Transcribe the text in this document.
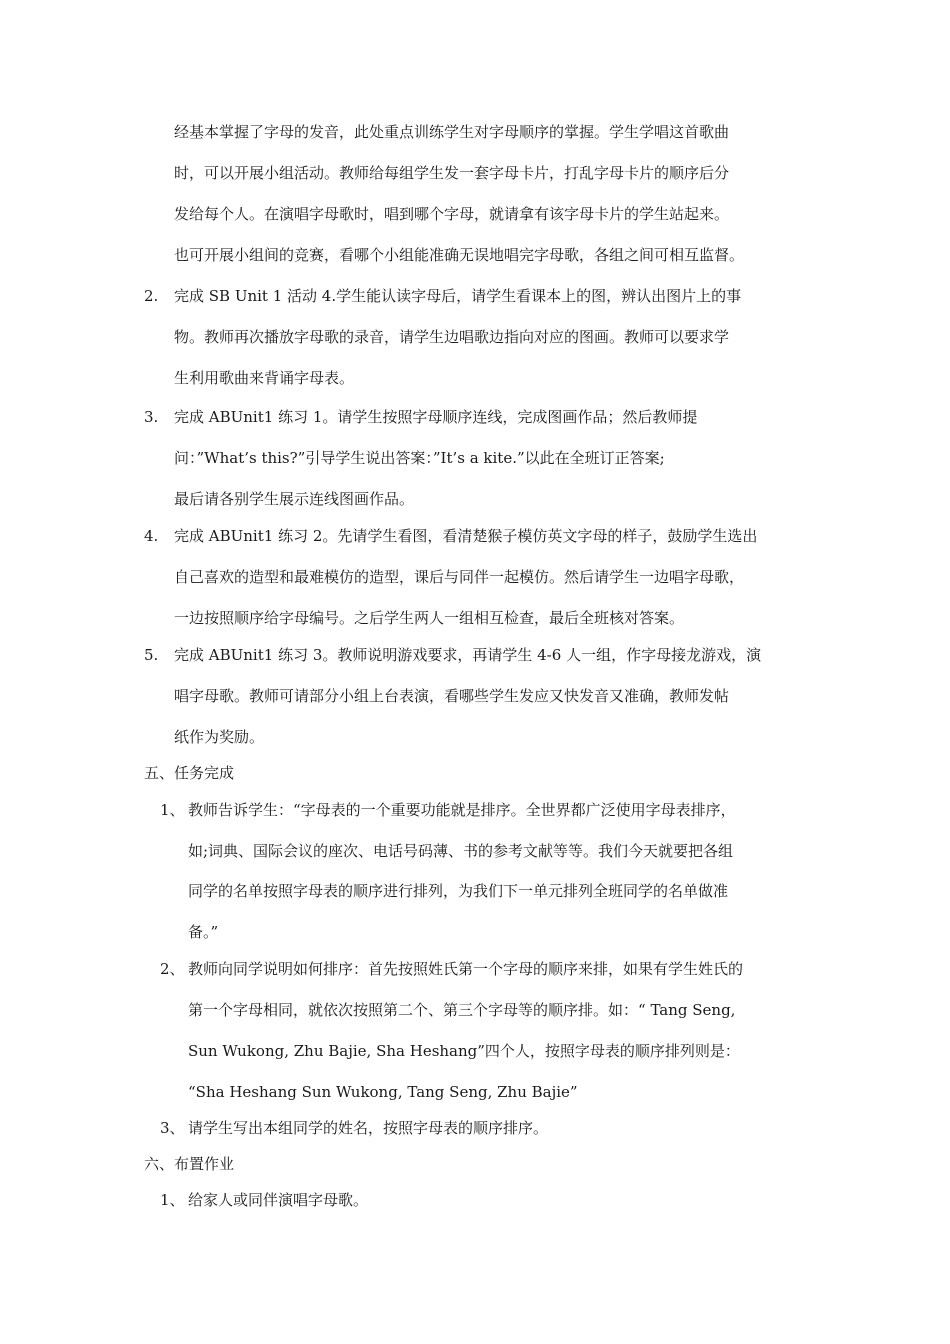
经基本掌握了字母的发音，此处重点训练学生对字母顺序的掌握。学生学唱这首歌曲

时，可以开展小组活动。教师给每组学生发一套字母卡片，打乱字母卡片的顺序后分

发给每个人。在演唱字母歌时，唱到哪个字母，就请拿有该字母卡片的学生站起来。

也可开展小组间的竞赛，看哪个小组能准确无误地唱完字母歌，各组之间可相互监督。

2. 完成 SB Unit 1 活动 4.学生能认读字母后，请学生看课本上的图，辨认出图片上的事

物。教师再次播放字母歌的录音，请学生边唱歌边指向对应的图画。教师可以要求学

生利用歌曲来背诵字母表。

3. 完成 ABUnit1 练习 1。请学生按照字母顺序连线，完成图画作品；然后教师提

问：”What’s this?”引导学生说出答案：”It’s a kite.”以此在全班订正答案;

最后请各别学生展示连线图画作品。

4. 完成 ABUnit1 练习 2。先请学生看图，看清楚猴子模仿英文字母的样子，鼓励学生选出

自己喜欢的造型和最难模仿的造型，课后与同伴一起模仿。然后请学生一边唱字母歌，

一边按照顺序给字母编号。之后学生两人一组相互检查，最后全班核对答案。

5. 完成 ABUnit1 练习 3。教师说明游戏要求，再请学生 4-6 人一组，作字母接龙游戏，演

唱字母歌。教师可请部分小组上台表演，看哪些学生发应又快发音又准确，教师发帖

纸作为奖励。

五、任务完成

1、 教师告诉学生：“字母表的一个重要功能就是排序。全世界都广泛使用字母表排序，

如;词典、国际会议的座次、电话号码薄、书的参考文献等等。我们今天就要把各组

同学的名单按照字母表的顺序进行排列，为我们下一单元排列全班同学的名单做准

备。”

2、 教师向同学说明如何排序：首先按照姓氏第一个字母的顺序来排，如果有学生姓氏的

第一个字母相同，就依次按照第二个、第三个字母等的顺序排。如：“ Tang Seng,

Sun Wukong, Zhu Bajie, Sha Heshang”四个人，按照字母表的顺序排列则是：

“Sha Heshang Sun Wukong, Tang Seng, Zhu Bajie”

3、 请学生写出本组同学的姓名，按照字母表的顺序排序。

六、布置作业

1、 给家人或同伴演唱字母歌。
